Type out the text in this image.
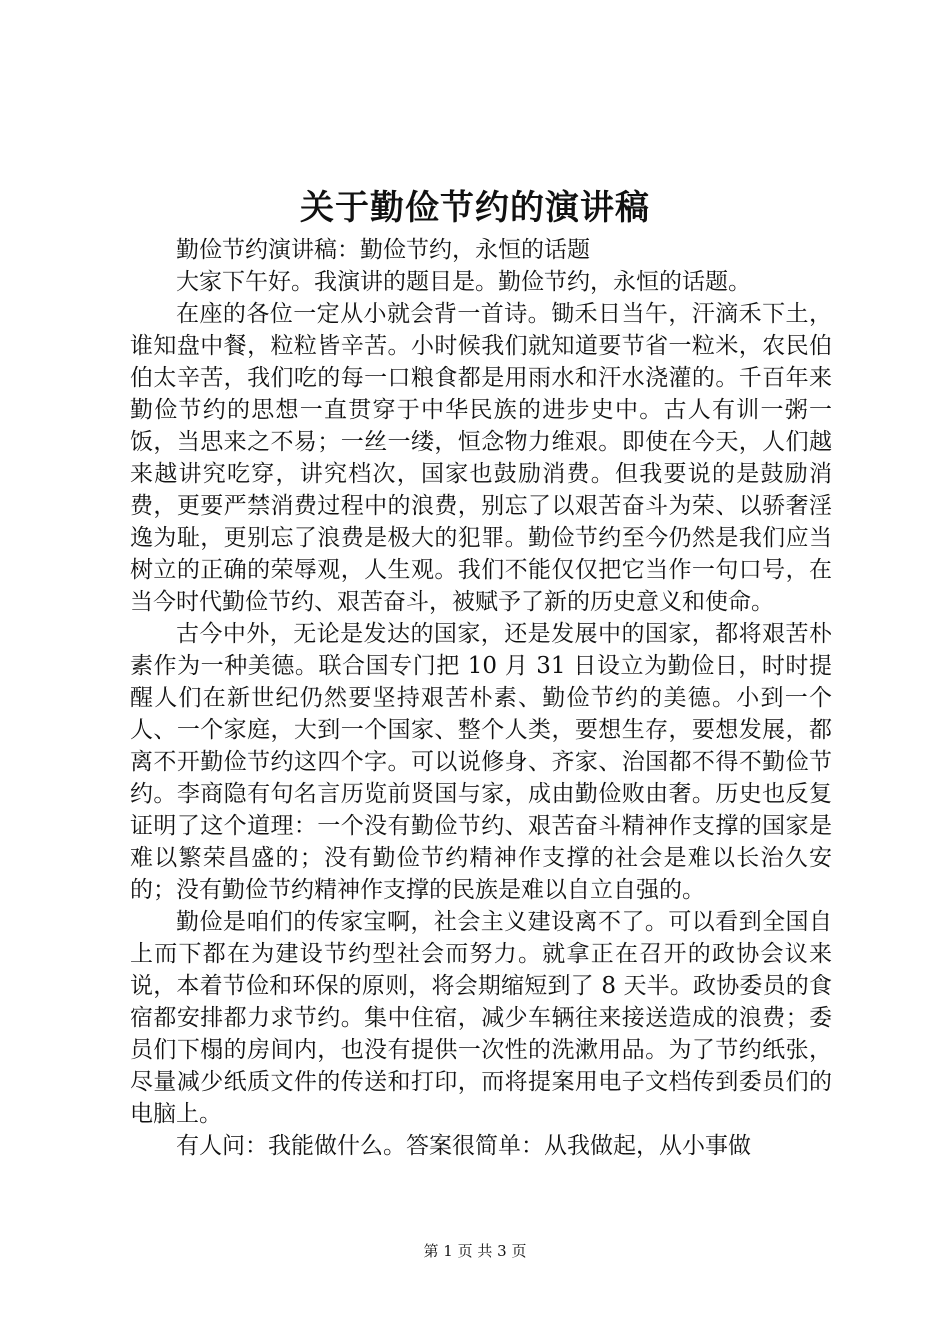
关于勤俭节约的演讲稿

勤俭节约演讲稿：勤俭节约，永恒的话题

大家下午好。我演讲的题目是。勤俭节约，永恒的话题。

在座的各位一定从小就会背一首诗。锄禾日当午，汗滴禾下土，谁知盘中餐，粒粒皆辛苦。小时候我们就知道要节省一粒米，农民伯伯太辛苦，我们吃的每一口粮食都是用雨水和汗水浇灌的。千百年来勤俭节约的思想一直贯穿于中华民族的进步史中。古人有训一粥一饭，当思来之不易；一丝一缕，恒念物力维艰。即使在今天，人们越来越讲究吃穿，讲究档次，国家也鼓励消费。但我要说的是鼓励消费，更要严禁消费过程中的浪费，别忘了以艰苦奋斗为荣、以骄奢淫逸为耻，更别忘了浪费是极大的犯罪。勤俭节约至今仍然是我们应当树立的正确的荣辱观，人生观。我们不能仅仅把它当作一句口号，在当今时代勤俭节约、艰苦奋斗，被赋予了新的历史意义和使命。

古今中外，无论是发达的国家，还是发展中的国家，都将艰苦朴素作为一种美德。联合国专门把 10 月 31 日设立为勤俭日，时时提醒人们在新世纪仍然要坚持艰苦朴素、勤俭节约的美德。小到一个人、一个家庭，大到一个国家、整个人类，要想生存，要想发展，都离不开勤俭节约这四个字。可以说修身、齐家、治国都不得不勤俭节约。李商隐有句名言历览前贤国与家，成由勤俭败由奢。历史也反复证明了这个道理：一个没有勤俭节约、艰苦奋斗精神作支撑的国家是难以繁荣昌盛的；没有勤俭节约精神作支撑的社会是难以长治久安的；没有勤俭节约精神作支撑的民族是难以自立自强的。

勤俭是咱们的传家宝啊，社会主义建设离不了。可以看到全国自上而下都在为建设节约型社会而努力。就拿正在召开的政协会议来说，本着节俭和环保的原则，将会期缩短到了 8 天半。政协委员的食宿都安排都力求节约。集中住宿，减少车辆往来接送造成的浪费；委员们下榻的房间内，也没有提供一次性的洗漱用品。为了节约纸张，尽量减少纸质文件的传送和打印，而将提案用电子文档传到委员们的电脑上。

有人问：我能做什么。答案很简单：从我做起，从小事做

第 1 页 共 3 页
